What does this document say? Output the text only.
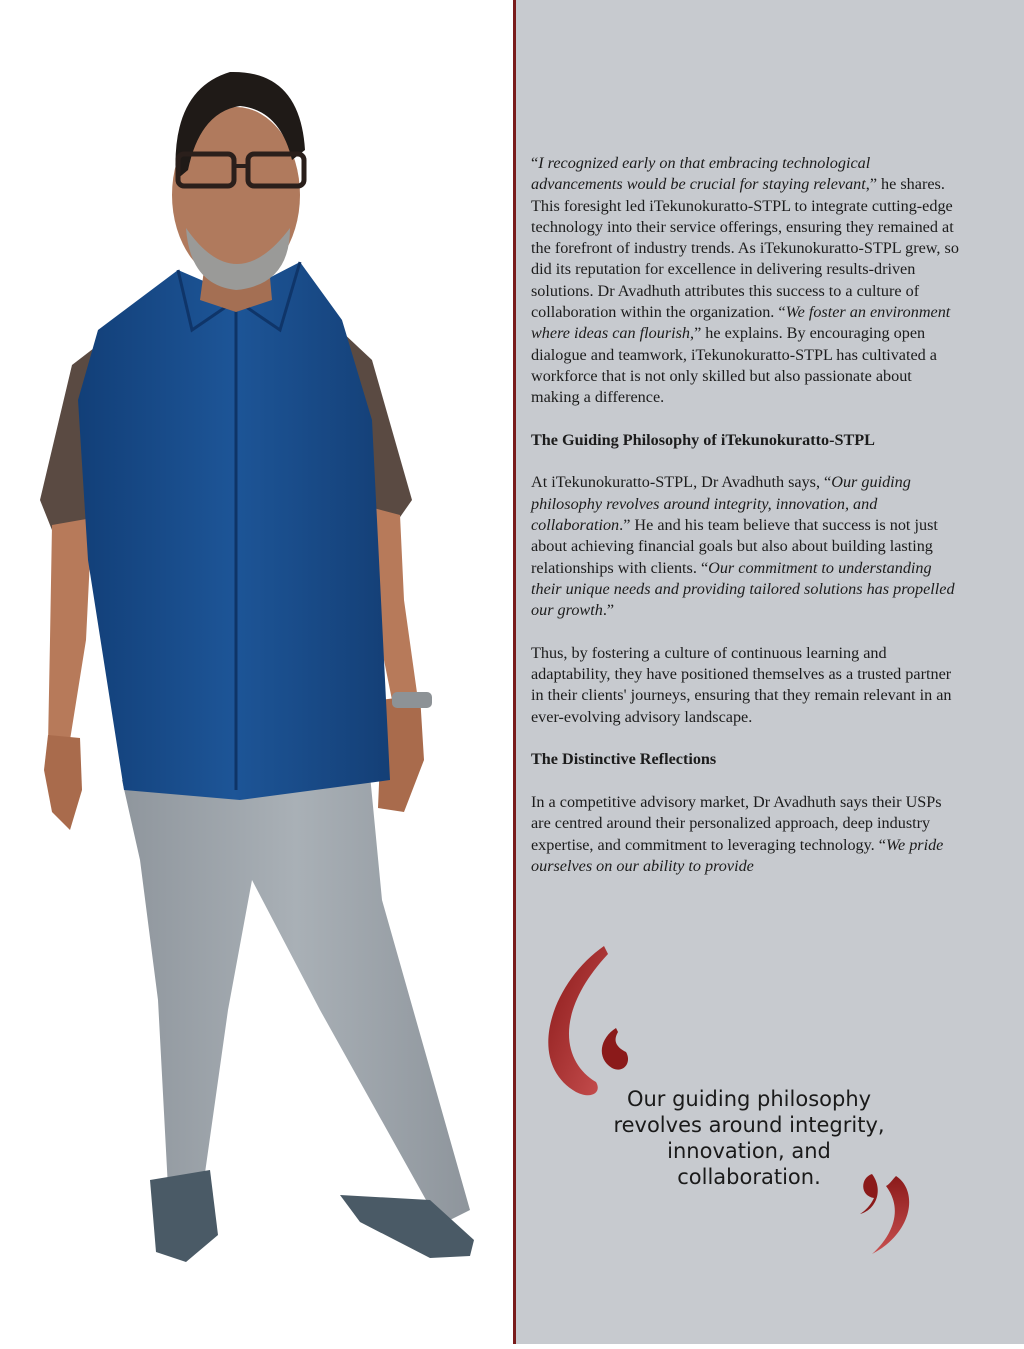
“I recognized early on that embracing technological advancements would be crucial for staying relevant,” he shares. This foresight led iTekunokuratto-STPL to integrate cutting-edge technology into their service offerings, ensuring they remained at the forefront of industry trends. As iTekunokuratto-STPL grew, so did its reputation for excellence in delivering results-driven solutions. Dr Avadhuth attributes this success to a culture of collaboration within the organization. “We foster an environment where ideas can flourish,” he explains. By encouraging open dialogue and teamwork, iTekunokuratto-STPL has cultivated a workforce that is not only skilled but also passionate about making a difference.

The Guiding Philosophy of iTekunokuratto-STPL

At iTekunokuratto-STPL, Dr Avadhuth says, “Our guiding philosophy revolves around integrity, innovation, and collaboration.” He and his team believe that success is not just about achieving financial goals but also about building lasting relationships with clients. “Our commitment to understanding their unique needs and providing tailored solutions has propelled our growth.”

Thus, by fostering a culture of continuous learning and adaptability, they have positioned themselves as a trusted partner in their clients' journeys, ensuring that they remain relevant in an ever-evolving advisory landscape.

The Distinctive Reflections

In a competitive advisory market, Dr Avadhuth says their USPs are centred around their personalized approach, deep industry expertise, and commitment to leveraging technology. “We pride ourselves on our ability to provide

Our guiding philosophy revolves around integrity, innovation, and collaboration.
